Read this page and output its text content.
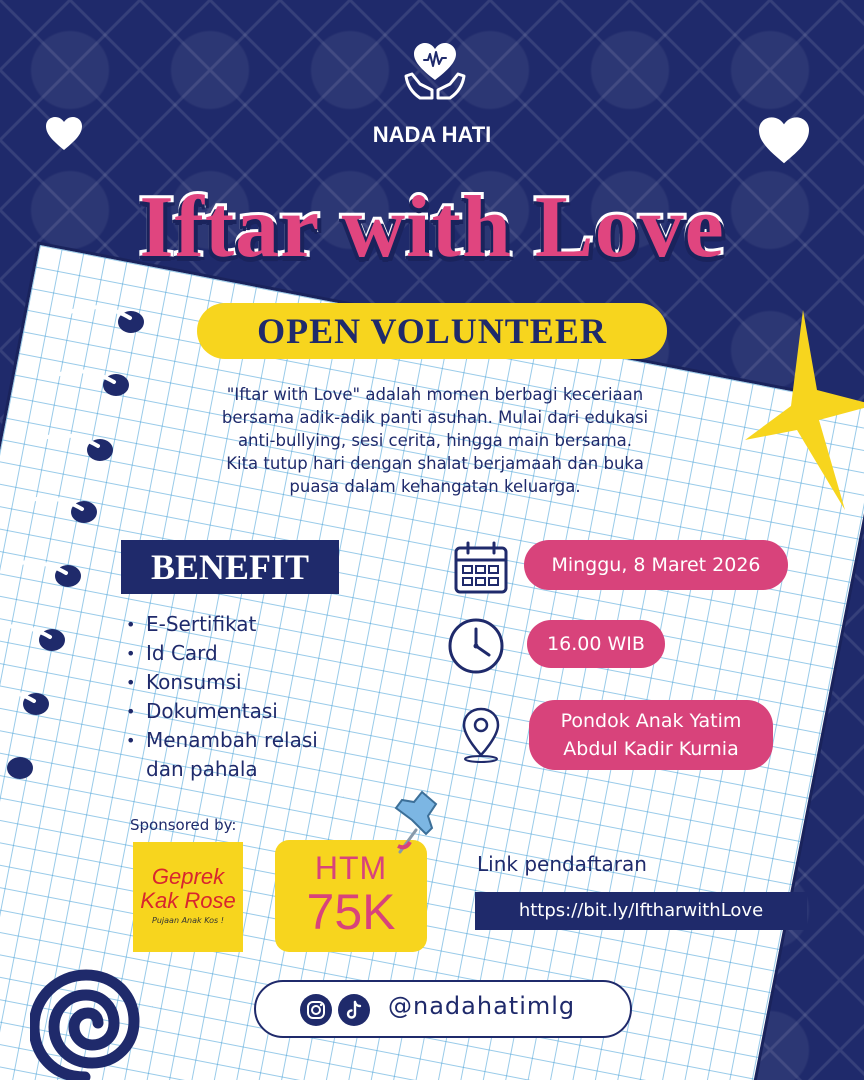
NADA HATI
Iftar with Love
OPEN VOLUNTEER
"Iftar with Love" adalah momen berbagi keceriaan
bersama adik-adik panti asuhan. Mulai dari edukasi
anti-bullying, sesi cerita, hingga main bersama.
Kita tutup hari dengan shalat berjamaah dan buka
puasa dalam kehangatan keluarga.
BENEFIT
• E-Sertifikat
• Id Card
• Konsumsi
• Dokumentasi
• Menambah relasi dan pahala
Minggu, 8 Maret 2026
16.00 WIB
Pondok Anak Yatim
Abdul Kadir Kurnia
Sponsored by:
Geprek
Kak Rose
Pujaan Anak Kos !
HTM
75K
Link pendaftaran
https://bit.ly/IftharwithLove
@nadahatimlg
